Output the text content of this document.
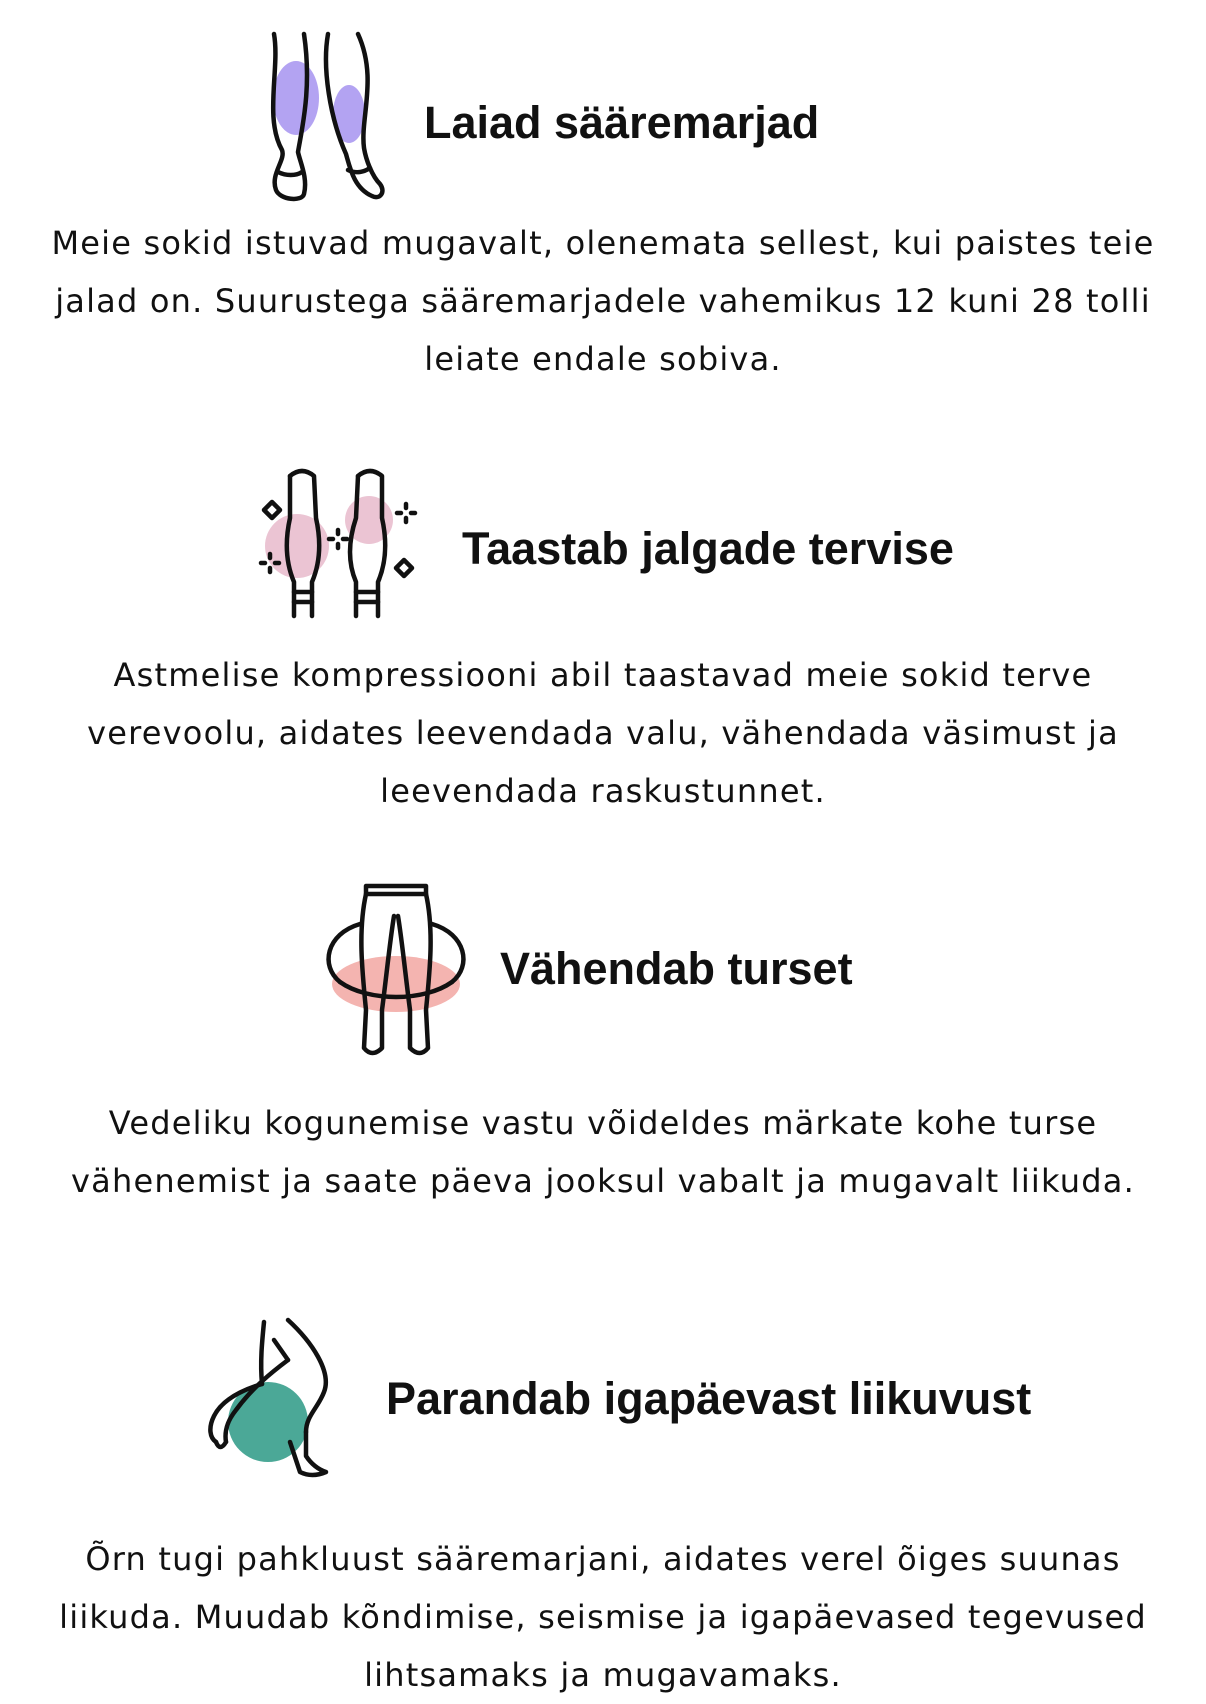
Laiad sääremarjad

Meie sokid istuvad mugavalt, olenemata sellest, kui paistes teie jalad on. Suurustega sääremarjadele vahemikus 12 kuni 28 tolli leiate endale sobiva.

Taastab jalgade tervise

Astmelise kompressiooni abil taastavad meie sokid terve verevoolu, aidates leevendada valu, vähendada väsimust ja leevendada raskustunnet.

Vähendab turset

Vedeliku kogunemise vastu võideldes märkate kohe turse vähenemist ja saate päeva jooksul vabalt ja mugavalt liikuda.

Parandab igapäevast liikuvust

Õrn tugi pahkluust sääremarjani, aidates verel õiges suunas liikuda. Muudab kõndimise, seismise ja igapäevased tegevused lihtsamaks ja mugavamaks.
